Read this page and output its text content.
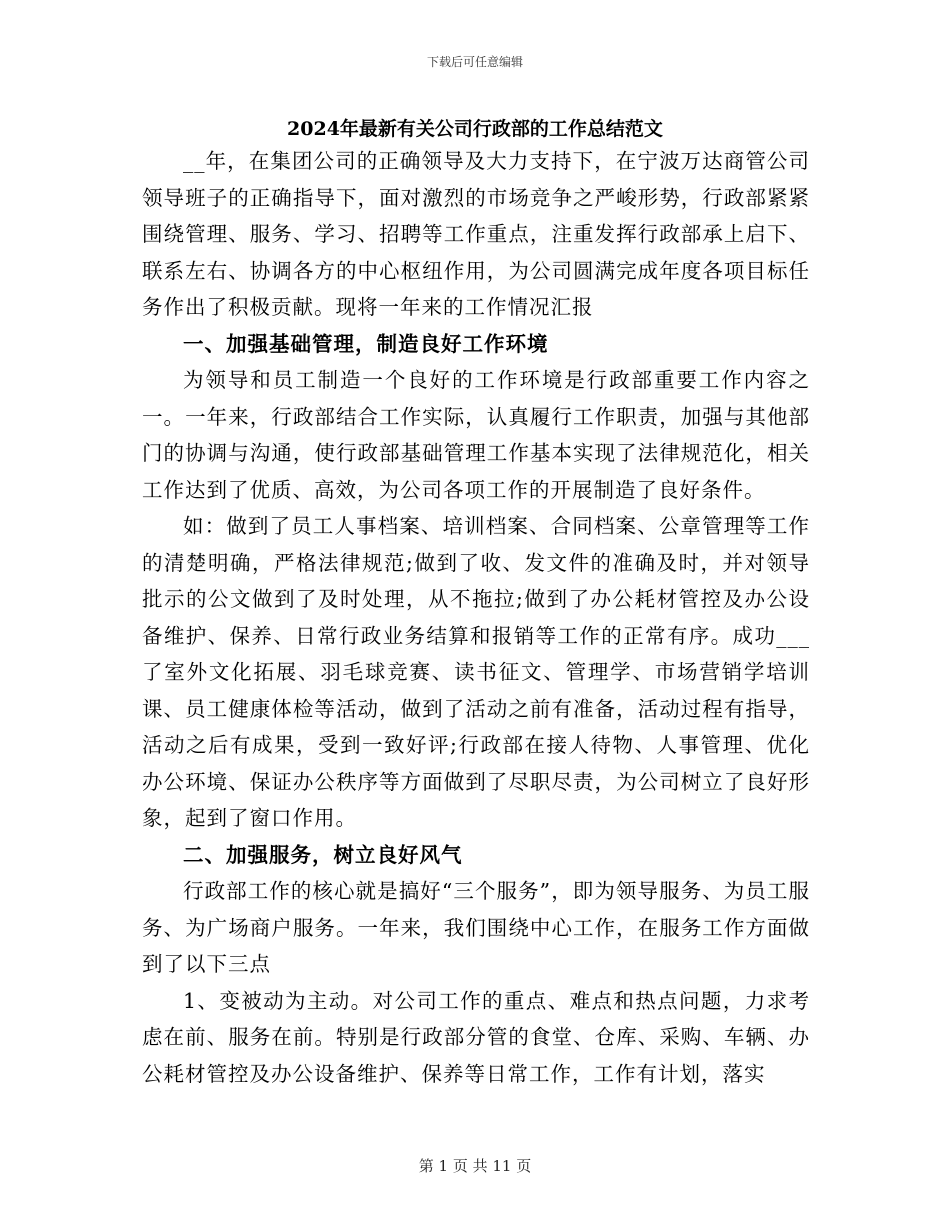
下载后可任意编辑
2024年最新有关公司行政部的工作总结范文

__年，在集团公司的正确领导及大力支持下，在宁波万达商管公司领导班子的正确指导下，面对激烈的市场竞争之严峻形势，行政部紧紧围绕管理、服务、学习、招聘等工作重点，注重发挥行政部承上启下、联系左右、协调各方的中心枢纽作用，为公司圆满完成年度各项目标任务作出了积极贡献。现将一年来的工作情况汇报

一、加强基础管理，制造良好工作环境

为领导和员工制造一个良好的工作环境是行政部重要工作内容之一。一年来，行政部结合工作实际，认真履行工作职责，加强与其他部门的协调与沟通，使行政部基础管理工作基本实现了法律规范化，相关工作达到了优质、高效，为公司各项工作的开展制造了良好条件。

如：做到了员工人事档案、培训档案、合同档案、公章管理等工作的清楚明确，严格法律规范;做到了收、发文件的准确及时，并对领导批示的公文做到了及时处理，从不拖拉;做到了办公耗材管控及办公设备维护、保养、日常行政业务结算和报销等工作的正常有序。成功___了室外文化拓展、羽毛球竞赛、读书征文、管理学、市场营销学培训课、员工健康体检等活动，做到了活动之前有准备，活动过程有指导，活动之后有成果，受到一致好评;行政部在接人待物、人事管理、优化办公环境、保证办公秩序等方面做到了尽职尽责，为公司树立了良好形象，起到了窗口作用。

二、加强服务，树立良好风气

行政部工作的核心就是搞好“三个服务”，即为领导服务、为员工服务、为广场商户服务。一年来，我们围绕中心工作，在服务工作方面做到了以下三点

1、变被动为主动。对公司工作的重点、难点和热点问题，力求考虑在前、服务在前。特别是行政部分管的食堂、仓库、采购、车辆、办公耗材管控及办公设备维护、保养等日常工作，工作有计划，落实

第 1 页 共 11 页
